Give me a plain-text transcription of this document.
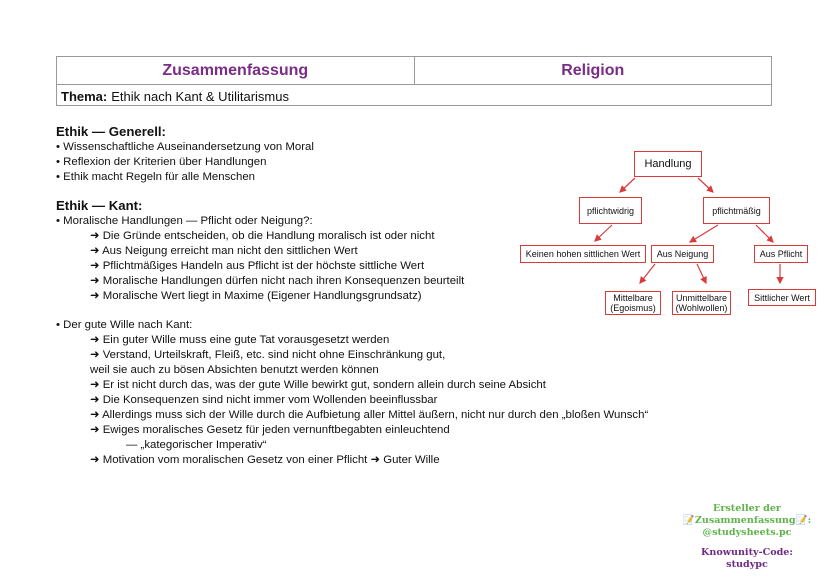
Zusammenfassung	Religion
Thema: Ethik nach Kant & Utilitarismus
Ethik — Generell:
• Wissenschaftliche Auseinandersetzung von Moral
• Reflexion der Kriterien über Handlungen
• Ethik macht Regeln für alle Menschen
Ethik — Kant:
• Moralische Handlungen — Pflicht oder Neigung?:
➜ Die Gründe entscheiden, ob die Handlung moralisch ist oder nicht
➜ Aus Neigung erreicht man nicht den sittlichen Wert
➜ Pflichtmäßiges Handeln aus Pflicht ist der höchste sittliche Wert
➜ Moralische Handlungen dürfen nicht nach ihren Konsequenzen beurteilt
➜ Moralische Wert liegt in Maxime (Eigener Handlungsgrundsatz)
• Der gute Wille nach Kant:
➜ Ein guter Wille muss eine gute Tat vorausgesetzt werden
➜ Verstand, Urteilskraft, Fleiß, etc. sind nicht ohne Einschränkung gut,
weil sie auch zu bösen Absichten benutzt werden können
➜ Er ist nicht durch das, was der gute Wille bewirkt gut, sondern allein durch seine Absicht
➜ Die Konsequenzen sind nicht immer vom Wollenden beeinflussbar
➜ Allerdings muss sich der Wille durch die Aufbietung aller Mittel äußern, nicht nur durch den „bloßen Wunsch“
➜ Ewiges moralisches Gesetz für jeden vernunftbegabten einleuchtend
— „kategorischer Imperativ“
➜ Motivation vom moralischen Gesetz von einer Pflicht ➜ Guter Wille
Handlung
pflichtwidrig	pflichtmäßig
Keinen hohen sittlichen Wert	Aus Neigung	Aus Pflicht
Mittelbare
(Egoismus)
Unmittelbare
(Wohlwollen)
Sittlicher Wert
Ersteller der
📝Zusammenfassung📝:
@studysheets.pc
Knowunity-Code:
studypc
